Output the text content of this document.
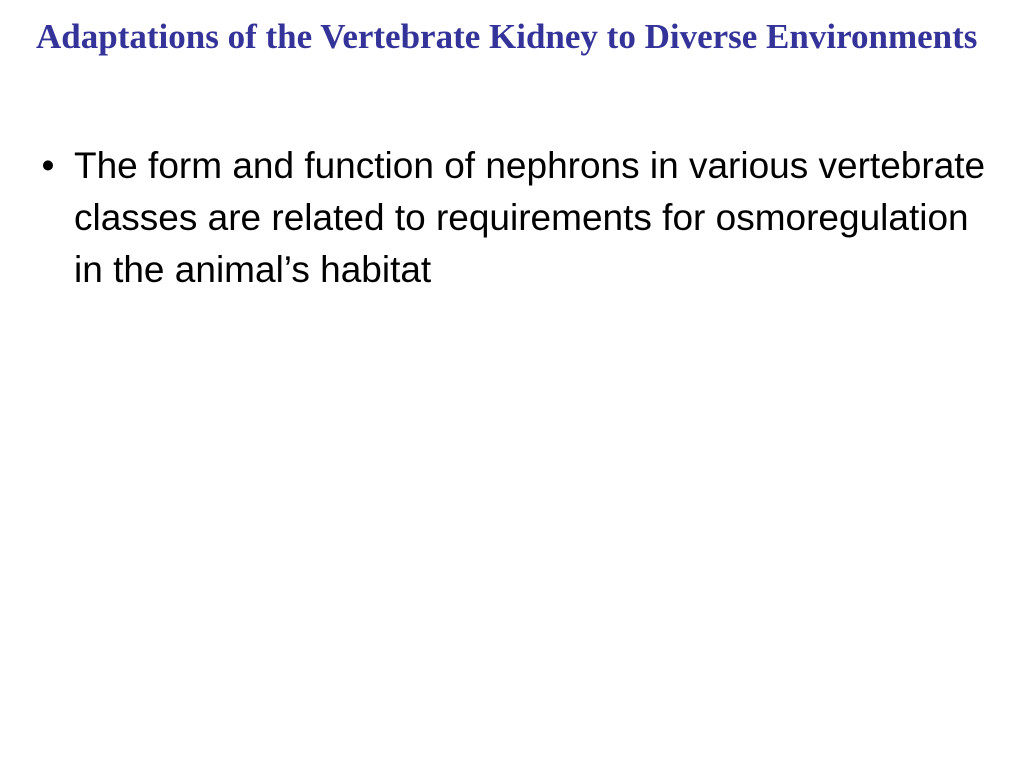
Adaptations of the Vertebrate Kidney to Diverse Environments
• The form and function of nephrons in various vertebrate classes are related to requirements for osmoregulation in the animal’s habitat
